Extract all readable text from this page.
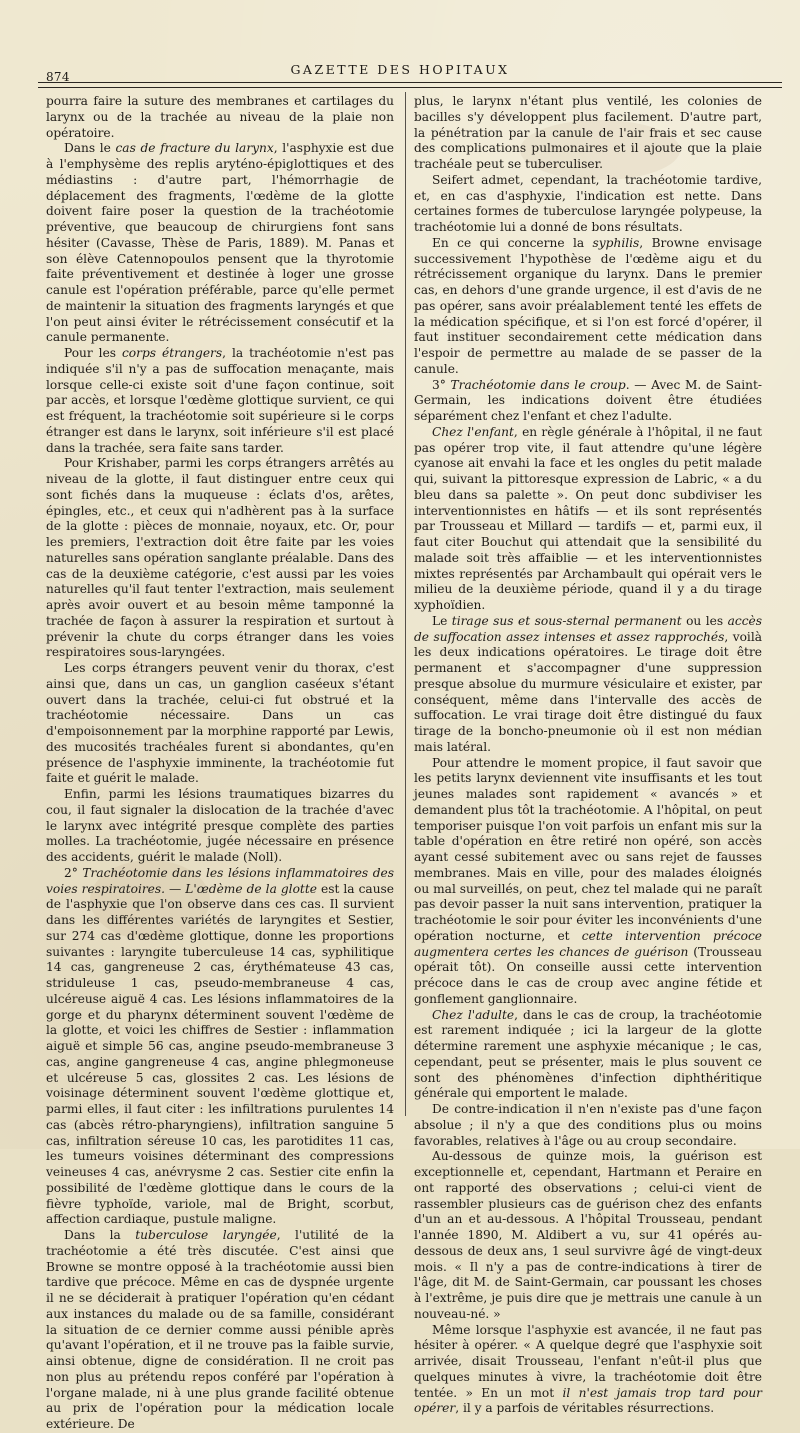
874	GAZETTE DES HOPITAUX

pourra faire la suture des membranes et cartilages du larynx ou de la trachée au niveau de la plaie non opératoire.

Dans le cas de fracture du larynx, l'asphyxie est due à l'emphysème des replis aryténo-épiglottiques et des médiastins : d'autre part, l'hémorrhagie de déplacement des fragments, l'œdème de la glotte doivent faire poser la question de la trachéotomie préventive, que beaucoup de chirurgiens font sans hésiter (Cavasse, Thèse de Paris, 1889). M. Panas et son élève Catennopoulos pensent que la thyrotomie faite préventivement et destinée à loger une grosse canule est l'opération préférable, parce qu'elle permet de maintenir la situation des fragments laryngés et que l'on peut ainsi éviter le rétrécissement consécutif et la canule permanente.

Pour les corps étrangers, la trachéotomie n'est pas indiquée s'il n'y a pas de suffocation menaçante, mais lorsque celle-ci existe soit d'une façon continue, soit par accès, et lorsque l'œdème glottique survient, ce qui est fréquent, la trachéotomie soit supérieure si le corps étranger est dans le larynx, soit inférieure s'il est placé dans la trachée, sera faite sans tarder.

Pour Krishaber, parmi les corps étrangers arrêtés au niveau de la glotte, il faut distinguer entre ceux qui sont fichés dans la muqueuse : éclats d'os, arêtes, épingles, etc., et ceux qui n'adhèrent pas à la surface de la glotte : pièces de monnaie, noyaux, etc. Or, pour les premiers, l'extraction doit être faite par les voies naturelles sans opération sanglante préalable. Dans des cas de la deuxième catégorie, c'est aussi par les voies naturelles qu'il faut tenter l'extraction, mais seulement après avoir ouvert et au besoin même tamponné la trachée de façon à assurer la respiration et surtout à prévenir la chute du corps étranger dans les voies respiratoires sous-laryngées.

Les corps étrangers peuvent venir du thorax, c'est ainsi que, dans un cas, un ganglion caséeux s'étant ouvert dans la trachée, celui-ci fut obstrué et la trachéotomie nécessaire. Dans un cas d'empoisonnement par la morphine rapporté par Lewis, des mucosités trachéales furent si abondantes, qu'en présence de l'asphyxie imminente, la trachéotomie fut faite et guérit le malade.

Enfin, parmi les lésions traumatiques bizarres du cou, il faut signaler la dislocation de la trachée d'avec le larynx avec intégrité presque complète des parties molles. La trachéotomie, jugée nécessaire en présence des accidents, guérit le malade (Noll).

2° Trachéotomie dans les lésions inflammatoires des voies respiratoires. — L'œdème de la glotte est la cause de l'asphyxie que l'on observe dans ces cas. Il survient dans les différentes variétés de laryngites et Sestier, sur 274 cas d'œdème glottique, donne les proportions suivantes : laryngite tuberculeuse 14 cas, syphilitique 14 cas, gangreneuse 2 cas, érythémateuse 43 cas, striduleuse 1 cas, pseudo-membraneuse 4 cas, ulcéreuse aiguë 4 cas. Les lésions inflammatoires de la gorge et du pharynx déterminent souvent l'œdème de la glotte, et voici les chiffres de Sestier : inflammation aiguë et simple 56 cas, angine pseudo-membraneuse 3 cas, angine gangreneuse 4 cas, angine phlegmoneuse et ulcéreuse 5 cas, glossites 2 cas. Les lésions de voisinage déterminent souvent l'œdème glottique et, parmi elles, il faut citer : les infiltrations purulentes 14 cas (abcès rétro-pharyngiens), infiltration sanguine 5 cas, infiltration séreuse 10 cas, les parotidites 11 cas, les tumeurs voisines déterminant des compressions veineuses 4 cas, anévrysme 2 cas. Sestier cite enfin la possibilité de l'œdème glottique dans le cours de la fièvre typhoïde, variole, mal de Bright, scorbut, affection cardiaque, pustule maligne.

Dans la tuberculose laryngée, l'utilité de la trachéotomie a été très discutée. C'est ainsi que Browne se montre opposé à la trachéotomie aussi bien tardive que précoce. Même en cas de dyspnée urgente il ne se déciderait à pratiquer l'opération qu'en cédant aux instances du malade ou de sa famille, considérant la situation de ce dernier comme aussi pénible après qu'avant l'opération, et il ne trouve pas la faible survie, ainsi obtenue, digne de considération. Il ne croit pas non plus au prétendu repos conféré par l'opération à l'organe malade, ni à une plus grande facilité obtenue au prix de l'opération pour la médication locale extérieure. De

plus, le larynx n'étant plus ventilé, les colonies de bacilles s'y développent plus facilement. D'autre part, la pénétration par la canule de l'air frais et sec cause des complications pulmonaires et il ajoute que la plaie trachéale peut se tuberculiser.

Seifert admet, cependant, la trachéotomie tardive, et, en cas d'asphyxie, l'indication est nette. Dans certaines formes de tuberculose laryngée polypeuse, la trachéotomie lui a donné de bons résultats.

En ce qui concerne la syphilis, Browne envisage successivement l'hypothèse de l'œdème aigu et du rétrécissement organique du larynx. Dans le premier cas, en dehors d'une grande urgence, il est d'avis de ne pas opérer, sans avoir préalablement tenté les effets de la médication spécifique, et si l'on est forcé d'opérer, il faut instituer secondairement cette médication dans l'espoir de permettre au malade de se passer de la canule.

3° Trachéotomie dans le croup. — Avec M. de Saint-Germain, les indications doivent être étudiées séparément chez l'enfant et chez l'adulte.

Chez l'enfant, en règle générale à l'hôpital, il ne faut pas opérer trop vite, il faut attendre qu'une légère cyanose ait envahi la face et les ongles du petit malade qui, suivant la pittoresque expression de Labric, « a du bleu dans sa palette ». On peut donc subdiviser les interventionnistes en hâtifs — et ils sont représentés par Trousseau et Millard — tardifs — et, parmi eux, il faut citer Bouchut qui attendait que la sensibilité du malade soit très affaiblie — et les interventionnistes mixtes représentés par Archambault qui opérait vers le milieu de la deuxième période, quand il y a du tirage xyphoïdien.

Le tirage sus et sous-sternal permanent ou les accès de suffocation assez intenses et assez rapprochés, voilà les deux indications opératoires. Le tirage doit être permanent et s'accompagner d'une suppression presque absolue du murmure vésiculaire et exister, par conséquent, même dans l'intervalle des accès de suffocation. Le vrai tirage doit être distingué du faux tirage de la boncho-pneumonie où il est non médian mais latéral.

Pour attendre le moment propice, il faut savoir que les petits larynx deviennent vite insuffisants et les tout jeunes malades sont rapidement « avancés » et demandent plus tôt la trachéotomie. A l'hôpital, on peut temporiser puisque l'on voit parfois un enfant mis sur la table d'opération en être retiré non opéré, son accès ayant cessé subitement avec ou sans rejet de fausses membranes. Mais en ville, pour des malades éloignés ou mal surveillés, on peut, chez tel malade qui ne paraît pas devoir passer la nuit sans intervention, pratiquer la trachéotomie le soir pour éviter les inconvénients d'une opération nocturne, et cette intervention précoce augmentera certes les chances de guérison (Trousseau opérait tôt). On conseille aussi cette intervention précoce dans le cas de croup avec angine fétide et gonflement ganglionnaire.

Chez l'adulte, dans le cas de croup, la trachéotomie est rarement indiquée ; ici la largeur de la glotte détermine rarement une asphyxie mécanique ; le cas, cependant, peut se présenter, mais le plus souvent ce sont des phénomènes d'infection diphthéritique générale qui emportent le malade.

De contre-indication il n'en n'existe pas d'une façon absolue ; il n'y a que des conditions plus ou moins favorables, relatives à l'âge ou au croup secondaire.

Au-dessous de quinze mois, la guérison est exceptionnelle et, cependant, Hartmann et Peraire en ont rapporté des observations ; celui-ci vient de rassembler plusieurs cas de guérison chez des enfants d'un an et au-dessous. A l'hôpital Trousseau, pendant l'année 1890, M. Aldibert a vu, sur 41 opérés au-dessous de deux ans, 1 seul survivre âgé de vingt-deux mois. « Il n'y a pas de contre-indications à tirer de l'âge, dit M. de Saint-Germain, car poussant les choses à l'extrême, je puis dire que je mettrais une canule à un nouveau-né. »

Même lorsque l'asphyxie est avancée, il ne faut pas hésiter à opérer. « A quelque degré que l'asphyxie soit arrivée, disait Trousseau, l'enfant n'eût-il plus que quelques minutes à vivre, la trachéotomie doit être tentée. » En un mot il n'est jamais trop tard pour opérer, il y a parfois de véritables résurrections.
